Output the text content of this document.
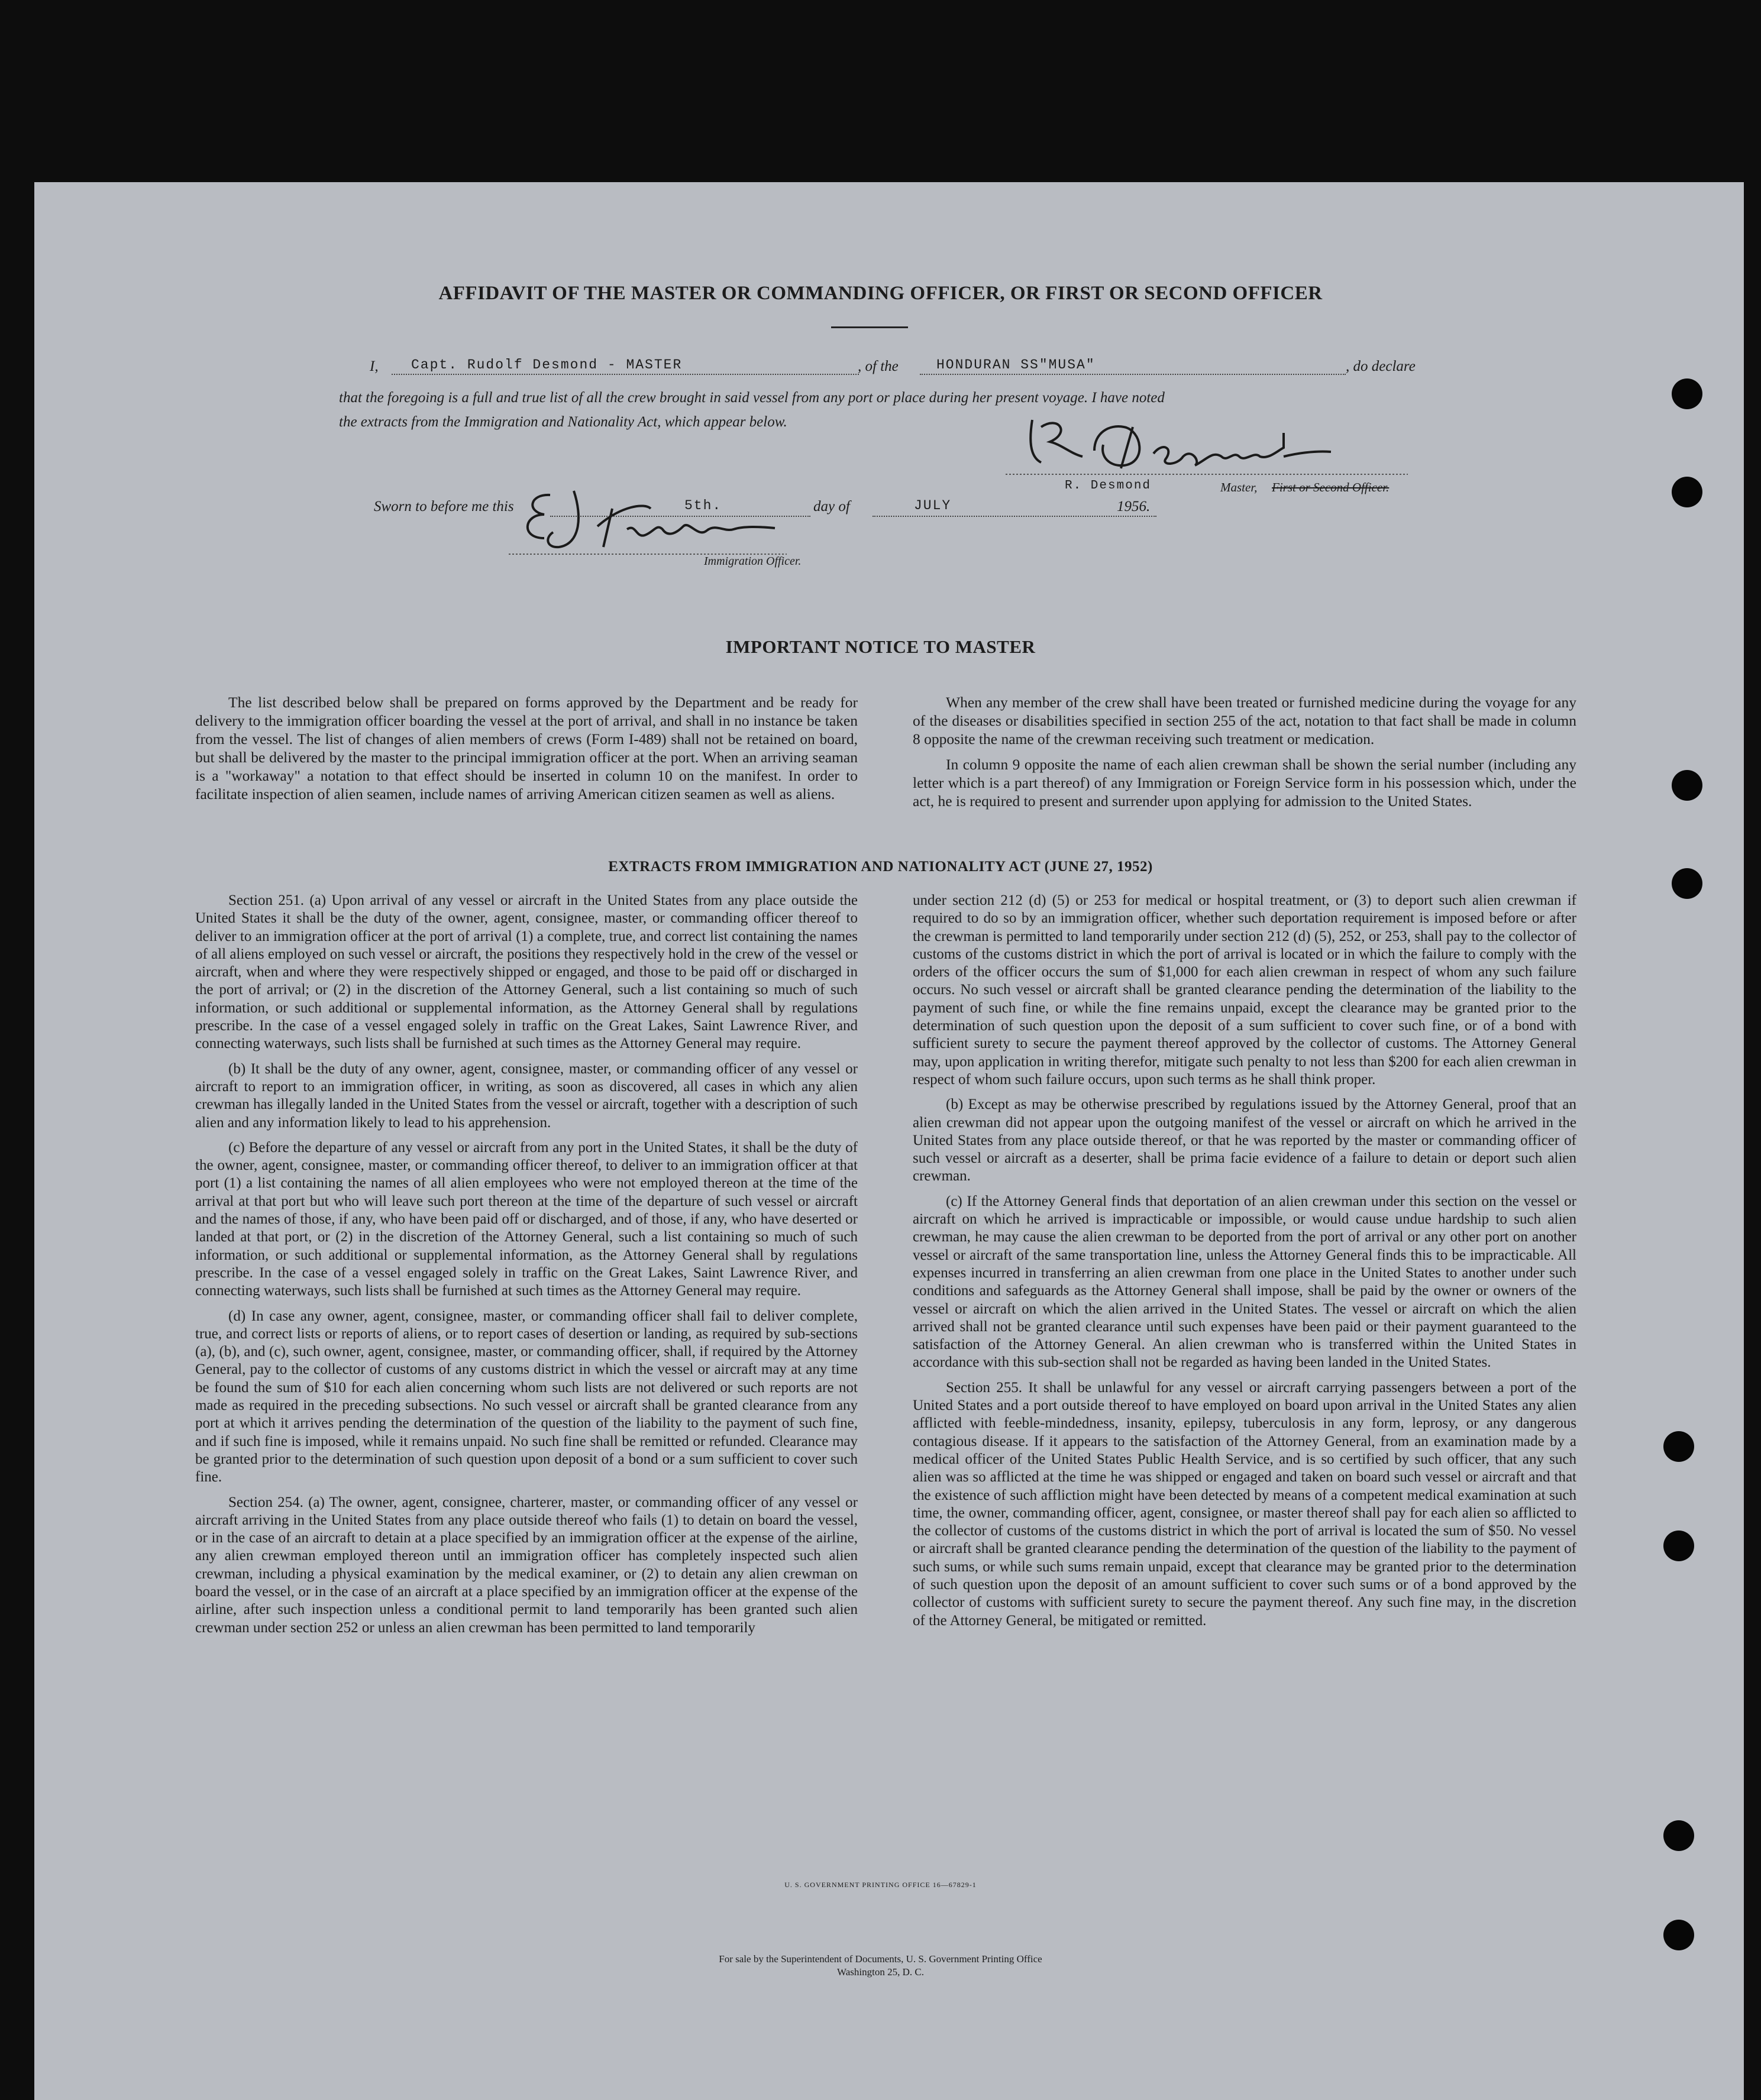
AFFIDAVIT OF THE MASTER OR COMMANDING OFFICER, OR FIRST OR SECOND OFFICER
I, Capt. Rudolf Desmond - MASTER	, of the	HONDURAN SS"MUSA"	, do declare
that the foregoing is a full and true list of all the crew brought in said vessel from any port or place during her present voyage. I have noted
the extracts from the Immigration and Nationality Act, which appear below.
R. Desmond	Master, First or Second Officer.
Sworn to before me this	5th.	day of	JULY	1956.
Immigration Officer.
IMPORTANT NOTICE TO MASTER

The list described below shall be prepared on forms approved by the Department and be ready for delivery to the immigration officer boarding the vessel at the port of arrival, and shall in no instance be taken from the vessel. The list of changes of alien members of crews (Form I-489) shall not be retained on board, but shall be delivered by the master to the principal immigration officer at the port. When an arriving seaman is a "workaway" a notation to that effect should be inserted in column 10 on the manifest. In order to facilitate inspection of alien seamen, include names of arriving American citizen seamen as well as aliens.

When any member of the crew shall have been treated or furnished medicine during the voyage for any of the diseases or disabilities specified in section 255 of the act, notation to that fact shall be made in column 8 opposite the name of the crewman receiving such treatment or medication.

In column 9 opposite the name of each alien crewman shall be shown the serial number (including any letter which is a part thereof) of any Immigration or Foreign Service form in his possession which, under the act, he is required to present and surrender upon applying for admission to the United States.

EXTRACTS FROM IMMIGRATION AND NATIONALITY ACT (JUNE 27, 1952)

Section 251. (a) Upon arrival of any vessel or aircraft in the United States from any place outside the United States it shall be the duty of the owner, agent, consignee, master, or commanding officer thereof to deliver to an immigration officer at the port of arrival (1) a complete, true, and correct list containing the names of all aliens employed on such vessel or aircraft, the positions they respectively hold in the crew of the vessel or aircraft, when and where they were respectively shipped or engaged, and those to be paid off or discharged in the port of arrival; or (2) in the discretion of the Attorney General, such a list containing so much of such information, or such additional or supplemental information, as the Attorney General shall by regulations prescribe. In the case of a vessel engaged solely in traffic on the Great Lakes, Saint Lawrence River, and connecting waterways, such lists shall be furnished at such times as the Attorney General may require.

(b) It shall be the duty of any owner, agent, consignee, master, or commanding officer of any vessel or aircraft to report to an immigration officer, in writing, as soon as discovered, all cases in which any alien crewman has illegally landed in the United States from the vessel or aircraft, together with a description of such alien and any information likely to lead to his apprehension.

(c) Before the departure of any vessel or aircraft from any port in the United States, it shall be the duty of the owner, agent, consignee, master, or commanding officer thereof, to deliver to an immigration officer at that port (1) a list containing the names of all alien employees who were not employed thereon at the time of the arrival at that port but who will leave such port thereon at the time of the departure of such vessel or aircraft and the names of those, if any, who have been paid off or discharged, and of those, if any, who have deserted or landed at that port, or (2) in the discretion of the Attorney General, such a list containing so much of such information, or such additional or supplemental information, as the Attorney General shall by regulations prescribe. In the case of a vessel engaged solely in traffic on the Great Lakes, Saint Lawrence River, and connecting waterways, such lists shall be furnished at such times as the Attorney General may require.

(d) In case any owner, agent, consignee, master, or commanding officer shall fail to deliver complete, true, and correct lists or reports of aliens, or to report cases of desertion or landing, as required by sub-sections (a), (b), and (c), such owner, agent, consignee, master, or commanding officer, shall, if required by the Attorney General, pay to the collector of customs of any customs district in which the vessel or aircraft may at any time be found the sum of $10 for each alien concerning whom such lists are not delivered or such reports are not made as required in the preceding subsections. No such vessel or aircraft shall be granted clearance from any port at which it arrives pending the determination of the question of the liability to the payment of such fine, and if such fine is imposed, while it remains unpaid. No such fine shall be remitted or refunded. Clearance may be granted prior to the determination of such question upon deposit of a bond or a sum sufficient to cover such fine.

Section 254. (a) The owner, agent, consignee, charterer, master, or commanding officer of any vessel or aircraft arriving in the United States from any place outside thereof who fails (1) to detain on board the vessel, or in the case of an aircraft to detain at a place specified by an immigration officer at the expense of the airline, any alien crewman employed thereon until an immigration officer has completely inspected such alien crewman, including a physical examination by the medical examiner, or (2) to detain any alien crewman on board the vessel, or in the case of an aircraft at a place specified by an immigration officer at the expense of the airline, after such inspection unless a conditional permit to land temporarily has been granted such alien crewman under section 252 or unless an alien crewman has been permitted to land temporarily

under section 212 (d) (5) or 253 for medical or hospital treatment, or (3) to deport such alien crewman if required to do so by an immigration officer, whether such deportation requirement is imposed before or after the crewman is permitted to land temporarily under section 212 (d) (5), 252, or 253, shall pay to the collector of customs of the customs district in which the port of arrival is located or in which the failure to comply with the orders of the officer occurs the sum of $1,000 for each alien crewman in respect of whom any such failure occurs. No such vessel or aircraft shall be granted clearance pending the determination of the liability to the payment of such fine, or while the fine remains unpaid, except the clearance may be granted prior to the determination of such question upon the deposit of a sum sufficient to cover such fine, or of a bond with sufficient surety to secure the payment thereof approved by the collector of customs. The Attorney General may, upon application in writing therefor, mitigate such penalty to not less than $200 for each alien crewman in respect of whom such failure occurs, upon such terms as he shall think proper.

(b) Except as may be otherwise prescribed by regulations issued by the Attorney General, proof that an alien crewman did not appear upon the outgoing manifest of the vessel or aircraft on which he arrived in the United States from any place outside thereof, or that he was reported by the master or commanding officer of such vessel or aircraft as a deserter, shall be prima facie evidence of a failure to detain or deport such alien crewman.

(c) If the Attorney General finds that deportation of an alien crewman under this section on the vessel or aircraft on which he arrived is impracticable or impossible, or would cause undue hardship to such alien crewman, he may cause the alien crewman to be deported from the port of arrival or any other port on another vessel or aircraft of the same transportation line, unless the Attorney General finds this to be impracticable. All expenses incurred in transferring an alien crewman from one place in the United States to another under such conditions and safeguards as the Attorney General shall impose, shall be paid by the owner or owners of the vessel or aircraft on which the alien arrived in the United States. The vessel or aircraft on which the alien arrived shall not be granted clearance until such expenses have been paid or their payment guaranteed to the satisfaction of the Attorney General. An alien crewman who is transferred within the United States in accordance with this sub-section shall not be regarded as having been landed in the United States.

Section 255. It shall be unlawful for any vessel or aircraft carrying passengers between a port of the United States and a port outside thereof to have employed on board upon arrival in the United States any alien afflicted with feeble-mindedness, insanity, epilepsy, tuberculosis in any form, leprosy, or any dangerous contagious disease. If it appears to the satisfaction of the Attorney General, from an examination made by a medical officer of the United States Public Health Service, and is so certified by such officer, that any such alien was so afflicted at the time he was shipped or engaged and taken on board such vessel or aircraft and that the existence of such affliction might have been detected by means of a competent medical examination at such time, the owner, commanding officer, agent, consignee, or master thereof shall pay for each alien so afflicted to the collector of customs of the customs district in which the port of arrival is located the sum of $50. No vessel or aircraft shall be granted clearance pending the determination of the question of the liability to the payment of such sums, or while such sums remain unpaid, except that clearance may be granted prior to the determination of such question upon the deposit of an amount sufficient to cover such sums or of a bond approved by the collector of customs with sufficient surety to secure the payment thereof. Any such fine may, in the discretion of the Attorney General, be mitigated or remitted.

U. S. GOVERNMENT PRINTING OFFICE 16—67829-1
For sale by the Superintendent of Documents, U. S. Government Printing Office
Washington 25, D. C.
